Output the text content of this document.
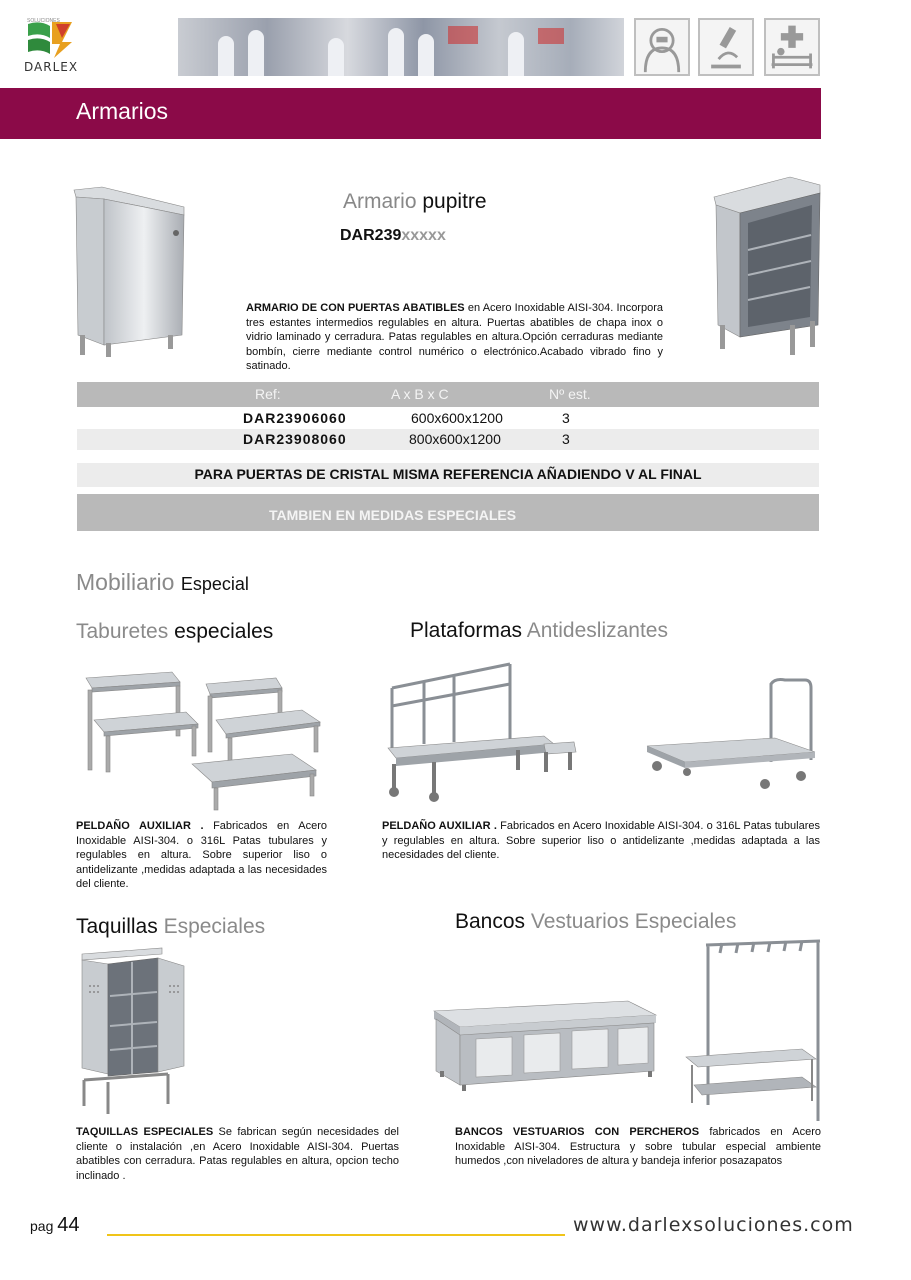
DARLEX
SOLUCIONES
Armarios
Armario pupitre
DAR239xxxxx
ARMARIO DE CON PUERTAS ABATIBLES en Acero Inoxidable AISI-304. Incorpora tres estantes intermedios regulables en altura. Puertas abatibles de chapa inox o vidrio laminado y cerradura. Patas regulables en altura.Opción cerraduras mediante bombín, cierre mediante control numérico o electrónico.Acabado vibrado fino y satinado.
Ref:	A x B x C	Nº est.
DAR23906060	600x600x1200	3
DAR23908060	800x600x1200	3
PARA PUERTAS DE CRISTAL MISMA REFERENCIA AÑADIENDO V AL FINAL
TAMBIEN EN MEDIDAS ESPECIALES
Mobiliario Especial
Taburetes especiales	Plataformas Antideslizantes
PELDAÑO AUXILIAR . Fabricados en Acero Inoxidable AISI-304. o 316L Patas tubulares y regulables en altura. Sobre superior liso o antidelizante ,medidas adaptada a las necesidades del cliente.
PELDAÑO AUXILIAR . Fabricados en Acero Inoxidable AISI-304. o 316L Patas tubulares y regulables en altura. Sobre superior liso o antidelizante ,medidas adaptada a las necesidades del cliente.
Taquillas Especiales	Bancos Vestuarios Especiales
TAQUILLAS ESPECIALES Se fabrican según necesidades del cliente o instalación ,en Acero Inoxidable AISI-304. Puertas abatibles con cerradura. Patas regulables en altura, opcion techo inclinado .
BANCOS VESTUARIOS CON PERCHEROS fabricados en Acero Inoxidable AISI-304. Estructura y sobre tubular especial ambiente humedos ,con niveladores de altura y bandeja inferior posazapatos
pag 44	www.darlexsoluciones.com
